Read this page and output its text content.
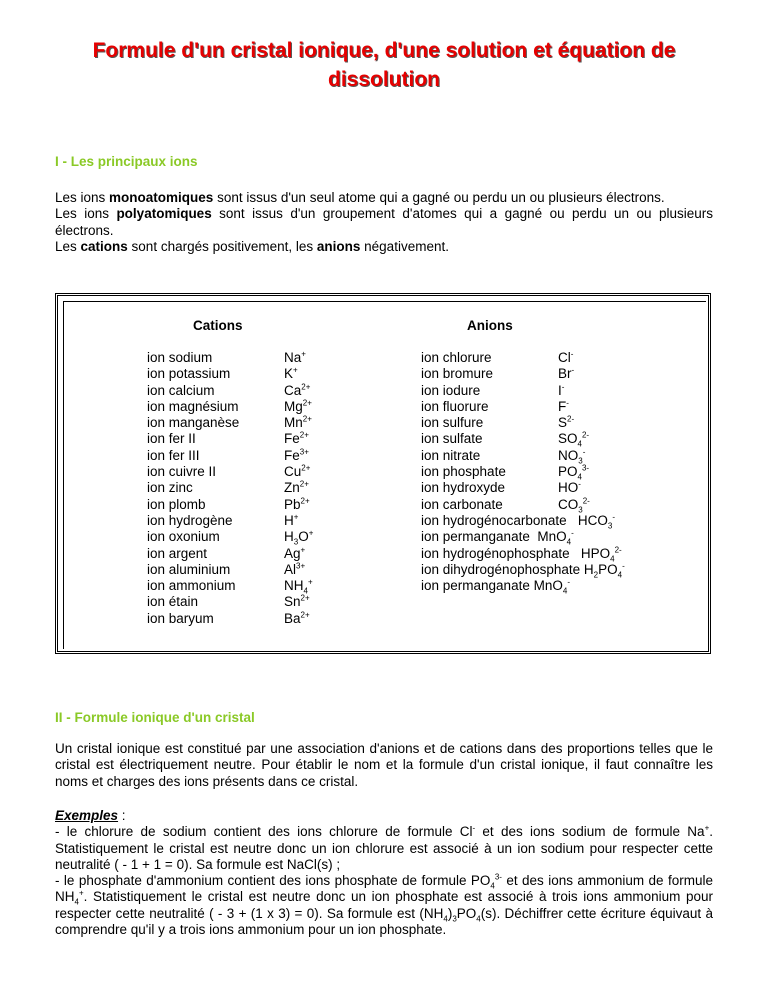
Formule d'un cristal ionique, d'une solution et équation de
dissolution
I - Les principaux ions

Les ions monoatomiques sont issus d'un seul atome qui a gagné ou perdu un ou plusieurs électrons.
Les ions polyatomiques sont issus d'un groupement d'atomes qui a gagné ou perdu un ou plusieurs électrons.
Les cations sont chargés positivement, les anions négativement.

Cations	Anions
ion sodium
ion potassium
ion calcium
ion magnésium
ion manganèse
ion fer II
ion fer III
ion cuivre II
ion zinc
ion plomb
ion hydrogène
ion oxonium
ion argent
ion aluminium
ion ammonium
ion étain
ion baryum
Na+
K+
$Ca^{2+}$
$Mg^{2+}$
$Mn^{2+}$
$Fe^{2+}$
$Fe^{3+}$
$Cu^{2+}$
$Zn^{2+}$
$Pb^{2+}$
H+
$H_3O^+$
Ag+
$Al^{3+}$
$NH_4^+$
$Sn^{2+}$
$Ba^{2+}$
ion chlorure
ion bromure
ion iodure
ion fluorure
ion sulfure
ion sulfate
ion nitrate
ion phosphate
ion hydroxyde
ion carbonate
Cl-
Br-
I-
F-
$S^{2-}$
$SO_4^{2-}$
$NO_3^-$
$PO_4^{3-}$
HO-
$CO_3^{2-}$
ion hydrogénocarbonate   $HCO_3^-$
ion permanganate  MnO$_4$-
ion hydrogénophosphate   $HPO_4^{2-}$
ion dihydrogénophosphate $H_2PO_4^-$
ion permanganate MnO$_4$-
II - Formule ionique d'un cristal

Un cristal ionique est constitué par une association d'anions et de cations dans des proportions telles que le cristal est électriquement neutre. Pour établir le nom et la formule d'un cristal ionique, il faut connaître les noms et charges des ions présents dans ce cristal.

Exemples :
- le chlorure de sodium contient des ions chlorure de formule Cl- et des ions sodium de formule Na+. Statistiquement le cristal est neutre donc un ion chlorure est associé à un ion sodium pour respecter cette neutralité ( - 1 + 1 = 0). Sa formule est NaCl(s) ;
- le phosphate d'ammonium contient des ions phosphate de formule $PO_4^{3-}$ et des ions ammonium de formule $NH_4^+$. Statistiquement le cristal est neutre donc un ion phosphate est associé à trois ions ammonium pour respecter cette neutralité ( - 3 + (1 x 3) = 0). Sa formule est $(NH_4)_3PO_4(s)$. Déchiffrer cette écriture équivaut à comprendre qu'il y a trois ions ammonium pour un ion phosphate.
